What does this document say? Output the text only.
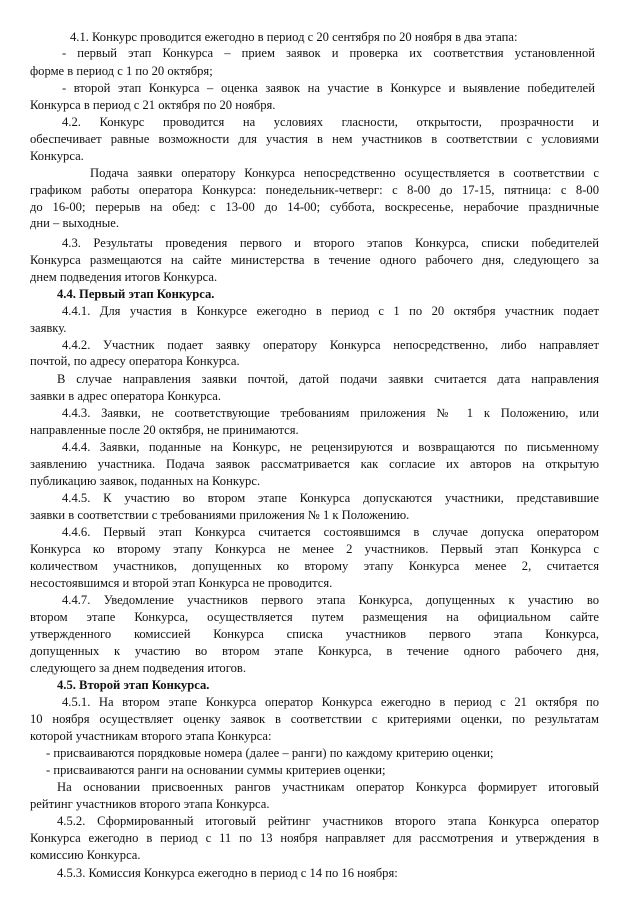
4.1. Конкурс проводится ежегодно в период с 20 сентября по 20 ноября в два этапа:
- первый этап Конкурса – прием заявок и проверка их соответствия установленной
форме в период с 1 по 20 октября;
- второй этап Конкурса – оценка заявок на участие в Конкурсе и выявление победителей
Конкурса в период с 21 октября по 20 ноября.
4.2. Конкурс проводится на условиях гласности, открытости, прозрачности и
обеспечивает равные возможности для участия в нем участников в соответствии с условиями
Конкурса.
Подача заявки оператору Конкурса непосредственно осуществляется в соответствии с
графиком работы оператора Конкурса: понедельник-четверг: с 8-00 до 17-15, пятница: с 8-00
до 16-00; перерыв на обед: с 13-00 до 14-00; суббота, воскресенье, нерабочие праздничные
дни – выходные.
4.3. Результаты проведения первого и второго этапов Конкурса, списки победителей
Конкурса размещаются на сайте министерства в течение одного рабочего дня, следующего за
днем подведения итогов Конкурса.
4.4. Первый этап Конкурса.
4.4.1. Для участия в Конкурсе ежегодно в период с 1 по 20 октября участник подает
заявку.
4.4.2. Участник подает заявку оператору Конкурса непосредственно, либо направляет
почтой, по адресу оператора Конкурса.
В случае направления заявки почтой, датой подачи заявки считается дата направления
заявки в адрес оператора Конкурса.
4.4.3. Заявки, не соответствующие требованиям приложения № 1 к Положению, или
направленные после 20 октября, не принимаются.
4.4.4. Заявки, поданные на Конкурс, не рецензируются и возвращаются по письменному
заявлению участника. Подача заявок рассматривается как согласие их авторов на открытую
публикацию заявок, поданных на Конкурс.
4.4.5. К участию во втором этапе Конкурса допускаются участники, представившие
заявки в соответствии с требованиями приложения № 1 к Положению.
4.4.6. Первый этап Конкурса считается состоявшимся в случае допуска оператором
Конкурса ко второму этапу Конкурса не менее 2 участников. Первый этап Конкурса с
количеством участников, допущенных ко второму этапу Конкурса менее 2, считается
несостоявшимся и второй этап Конкурса не проводится.
4.4.7. Уведомление участников первого этапа Конкурса, допущенных к участию во
втором этапе Конкурса, осуществляется путем размещения на официальном сайте
утвержденного комиссией Конкурса списка участников первого этапа Конкурса,
допущенных к участию во втором этапе Конкурса, в течение одного рабочего дня,
следующего за днем подведения итогов.
4.5. Второй этап Конкурса.
4.5.1. На втором этапе Конкурса оператор Конкурса ежегодно в период с 21 октября по
10 ноября осуществляет оценку заявок в соответствии с критериями оценки, по результатам
которой участникам второго этапа Конкурса:
- присваиваются порядковые номера (далее – ранги) по каждому критерию оценки;
- присваиваются ранги на основании суммы критериев оценки;
На основании присвоенных рангов участникам оператор Конкурса формирует итоговый
рейтинг участников второго этапа Конкурса.
4.5.2. Сформированный итоговый рейтинг участников второго этапа Конкурса оператор
Конкурса ежегодно в период с 11 по 13 ноября направляет для рассмотрения и утверждения в
комиссию Конкурса.
4.5.3. Комиссия Конкурса ежегодно в период с 14 по 16 ноября:
